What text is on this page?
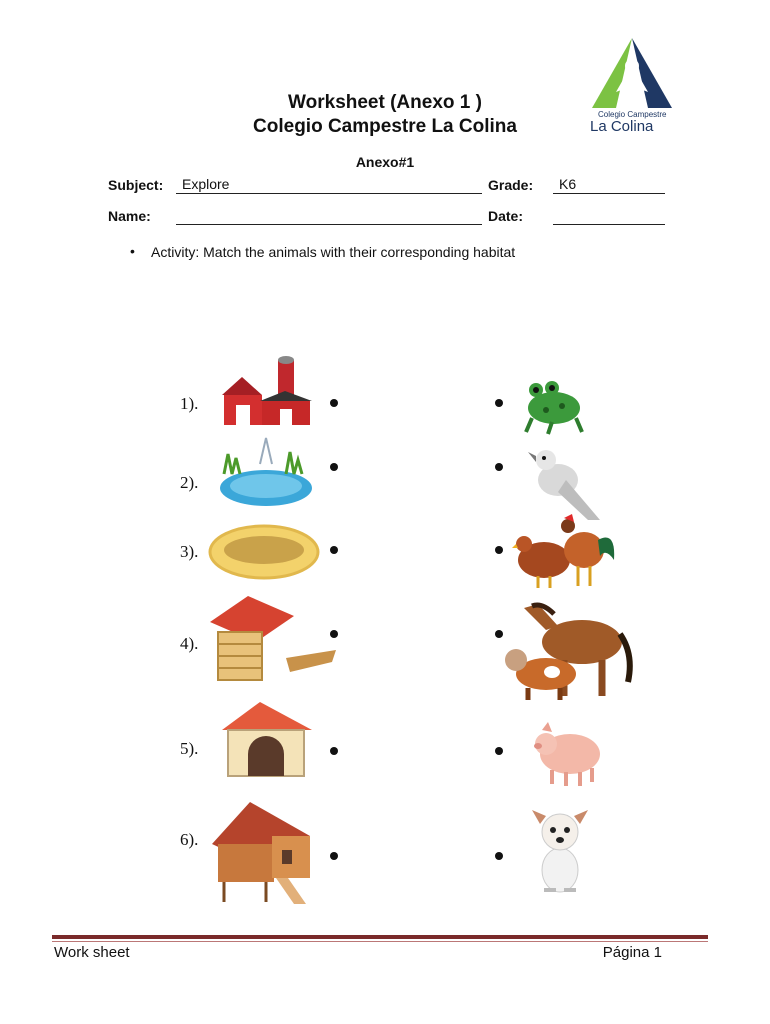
Worksheet (Anexo 1 )
Colegio Campestre La Colina
Anexo#1
Colegio Campestre
La Colina
Subject:	Explore	Grade:	K6
Name:	Date:
• Activity: Match the animals with their corresponding habitat
1).
2).
3).
4).
5).
6).
Work sheet	Página 1
